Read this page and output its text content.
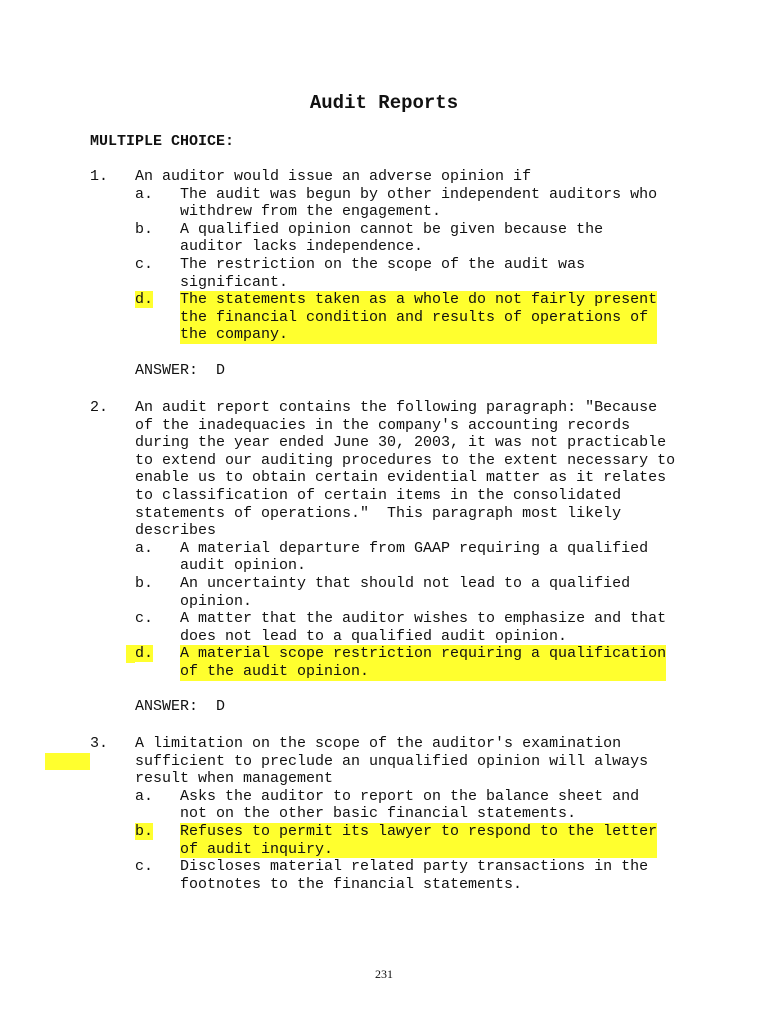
Audit Reports
MULTIPLE CHOICE:
1.	An auditor would issue an adverse opinion if
a.	The audit was begun by other independent auditors who
withdrew from the engagement.
b.	A qualified opinion cannot be given because the
auditor lacks independence.
c.	The restriction on the scope of the audit was
significant.
d.	The statements taken as a whole do not fairly present
the financial condition and results of operations of
the company.
ANSWER: D
2.	An audit report contains the following paragraph: "Because
of the inadequacies in the company's accounting records
during the year ended June 30, 2003, it was not practicable
to extend our auditing procedures to the extent necessary to
enable us to obtain certain evidential matter as it relates
to classification of certain items in the consolidated
statements of operations."  This paragraph most likely
describes
a.	A material departure from GAAP requiring a qualified
audit opinion.
b.	An uncertainty that should not lead to a qualified
opinion.
c.	A matter that the auditor wishes to emphasize and that
does not lead to a qualified audit opinion.
d.	A material scope restriction requiring a qualification
of the audit opinion.
ANSWER: D
3.	A limitation on the scope of the auditor's examination
sufficient to preclude an unqualified opinion will always
result when management
a.	Asks the auditor to report on the balance sheet and
not on the other basic financial statements.
b.	Refuses to permit its lawyer to respond to the letter
of audit inquiry.
c.	Discloses material related party transactions in the
footnotes to the financial statements.
231
